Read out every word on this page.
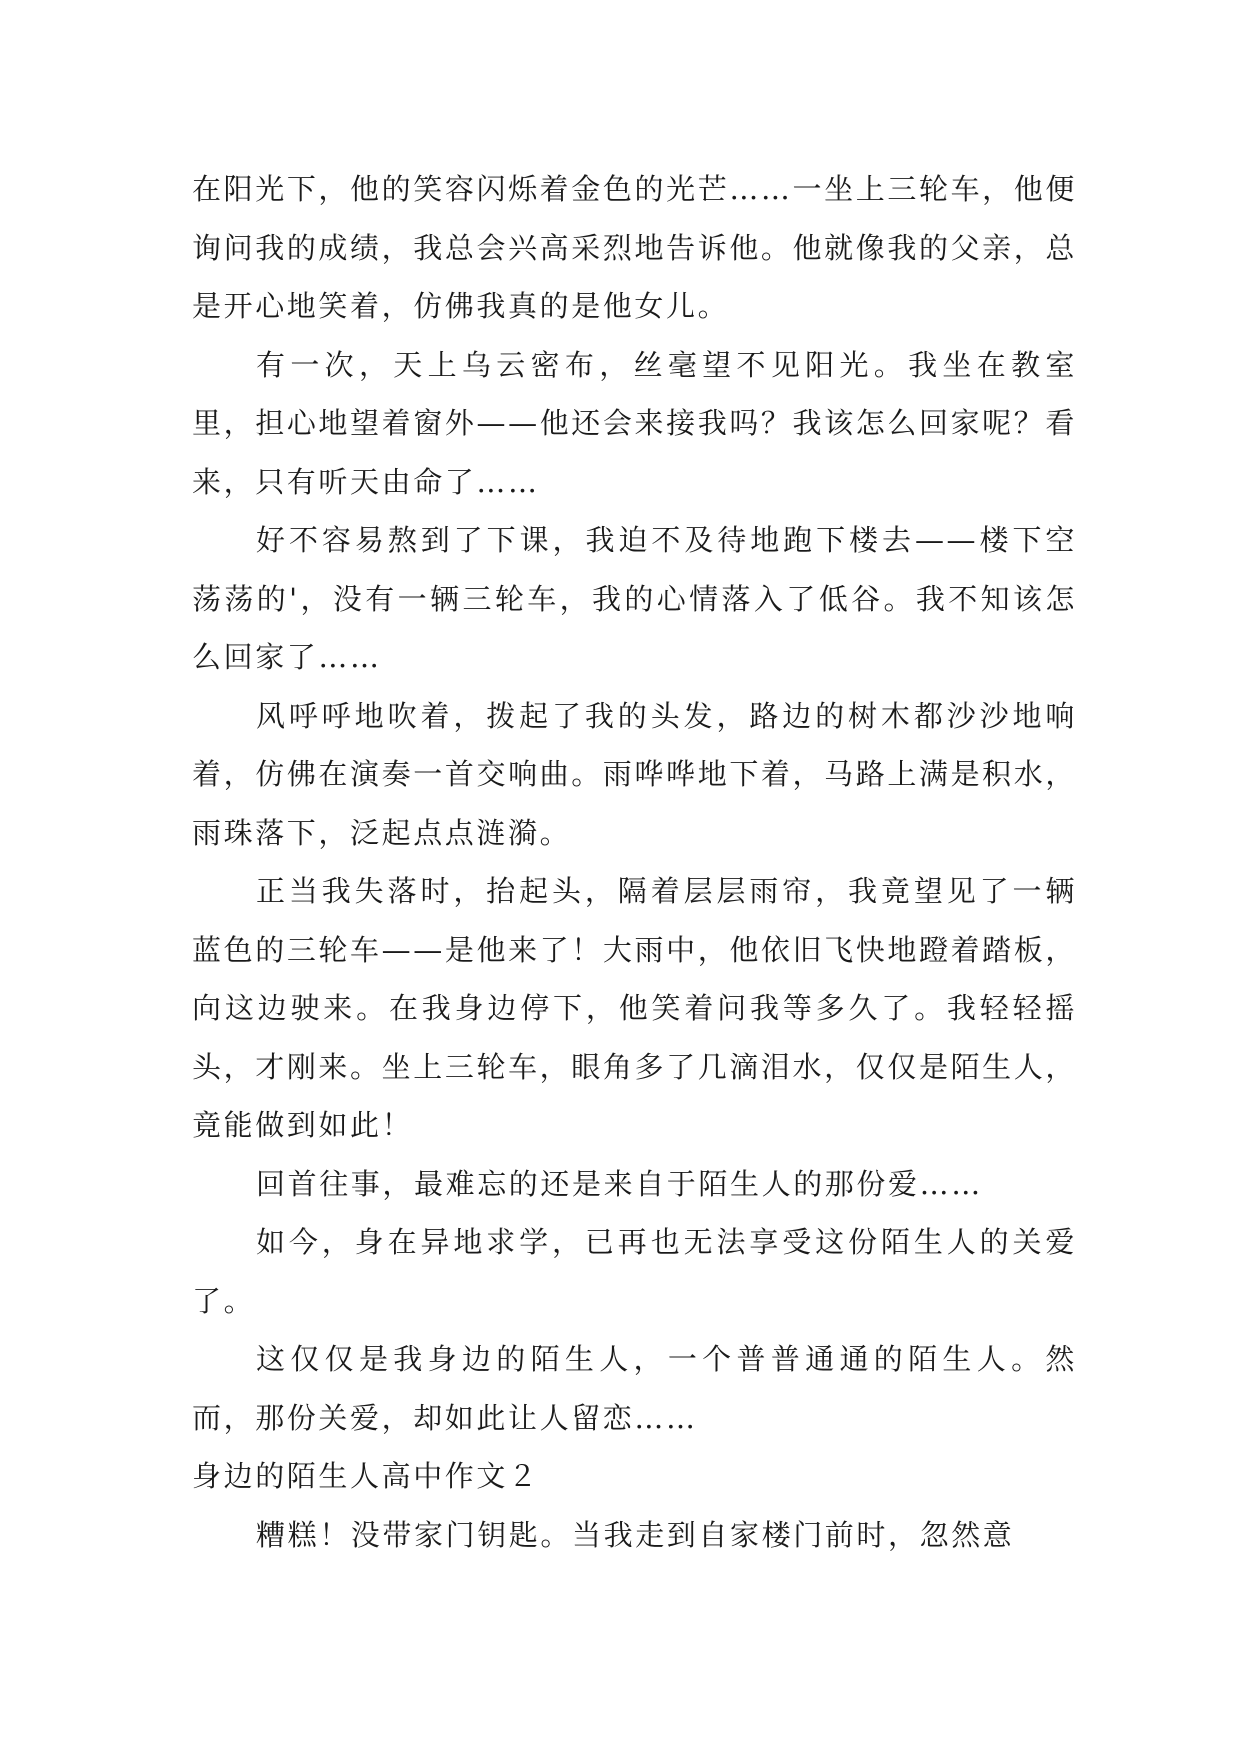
在阳光下，他的笑容闪烁着金色的光芒……一坐上三轮车，他便询问我的成绩，我总会兴高采烈地告诉他。他就像我的父亲，总是开心地笑着，仿佛我真的是他女儿。

有一次，天上乌云密布，丝毫望不见阳光。我坐在教室里，担心地望着窗外——他还会来接我吗？我该怎么回家呢？看来，只有听天由命了……

好不容易熬到了下课，我迫不及待地跑下楼去——楼下空荡荡的'，没有一辆三轮车，我的心情落入了低谷。我不知该怎么回家了……

风呼呼地吹着，拨起了我的头发，路边的树木都沙沙地响着，仿佛在演奏一首交响曲。雨哗哗地下着，马路上满是积水，雨珠落下，泛起点点涟漪。

正当我失落时，抬起头，隔着层层雨帘，我竟望见了一辆蓝色的三轮车——是他来了！大雨中，他依旧飞快地蹬着踏板，向这边驶来。在我身边停下，他笑着问我等多久了。我轻轻摇头，才刚来。坐上三轮车，眼角多了几滴泪水，仅仅是陌生人，竟能做到如此！

回首往事，最难忘的还是来自于陌生人的那份爱……

如今，身在异地求学，已再也无法享受这份陌生人的关爱了。

这仅仅是我身边的陌生人，一个普普通通的陌生人。然而，那份关爱，却如此让人留恋……

身边的陌生人高中作文２

糟糕！没带家门钥匙。当我走到自家楼门前时，忽然意
